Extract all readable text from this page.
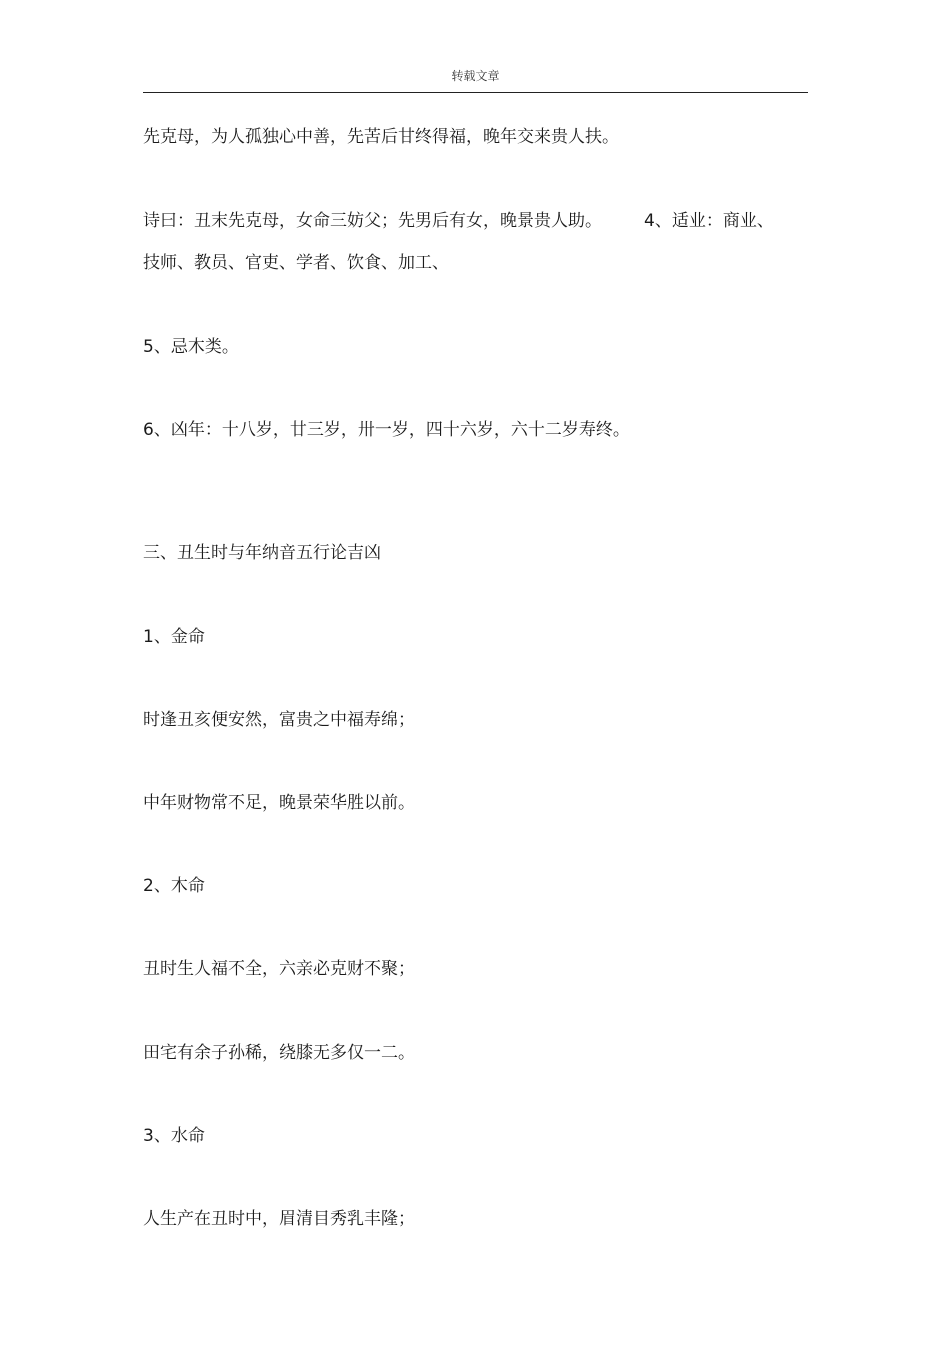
转载文章
先克母，为人孤独心中善，先苦后甘终得福，晚年交来贵人扶。
诗曰：丑末先克母，女命三妨父；先男后有女，晚景贵人助。 4、适业：商业、
技师、教员、官吏、学者、饮食、加工、
5、忌木类。
6、凶年：十八岁，廿三岁，卅一岁，四十六岁，六十二岁寿终。
三、丑生时与年纳音五行论吉凶
1、金命
时逢丑亥便安然，富贵之中福寿绵；
中年财物常不足，晚景荣华胜以前。
2、木命
丑时生人福不全，六亲必克财不聚；
田宅有余子孙稀，绕膝无多仅一二。
3、水命
人生产在丑时中，眉清目秀乳丰隆；
